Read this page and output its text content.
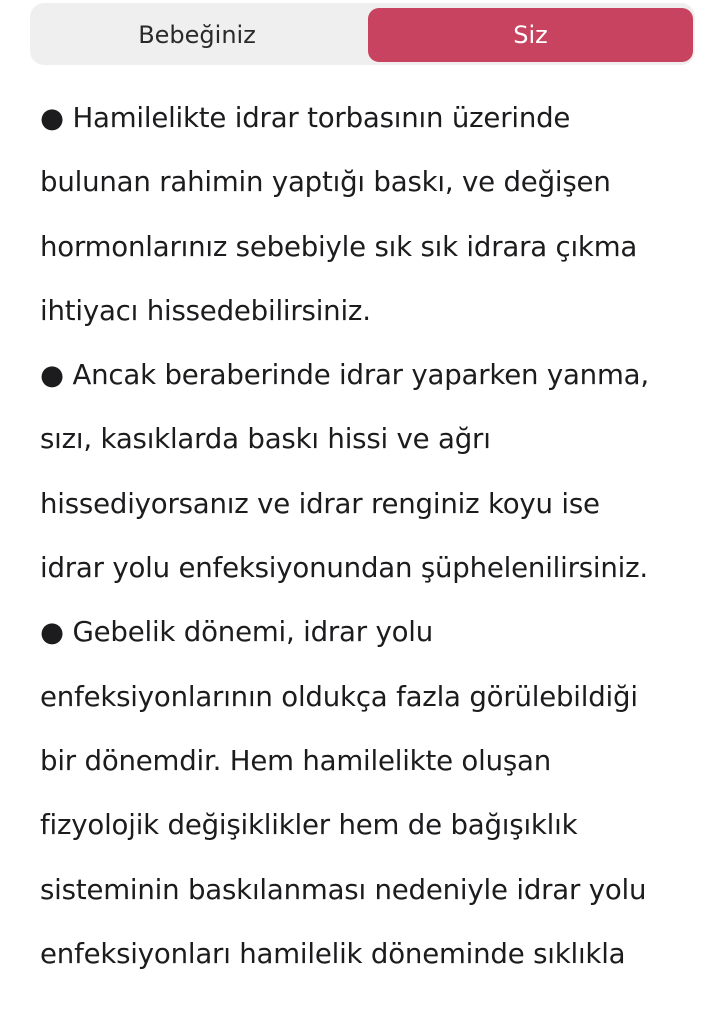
Bebeğiniz	Siz
● Hamilelikte idrar torbasının üzerinde
bulunan rahimin yaptığı baskı, ve değişen
hormonlarınız sebebiyle sık sık idrara çıkma
ihtiyacı hissedebilirsiniz.
● Ancak beraberinde idrar yaparken yanma,
sızı, kasıklarda baskı hissi ve ağrı
hissediyorsanız ve idrar renginiz koyu ise
idrar yolu enfeksiyonundan şüphelenilirsiniz.
● Gebelik dönemi, idrar yolu
enfeksiyonlarının oldukça fazla görülebildiği
bir dönemdir. Hem hamilelikte oluşan
fizyolojik değişiklikler hem de bağışıklık
sisteminin baskılanması nedeniyle idrar yolu
enfeksiyonları hamilelik döneminde sıklıkla
